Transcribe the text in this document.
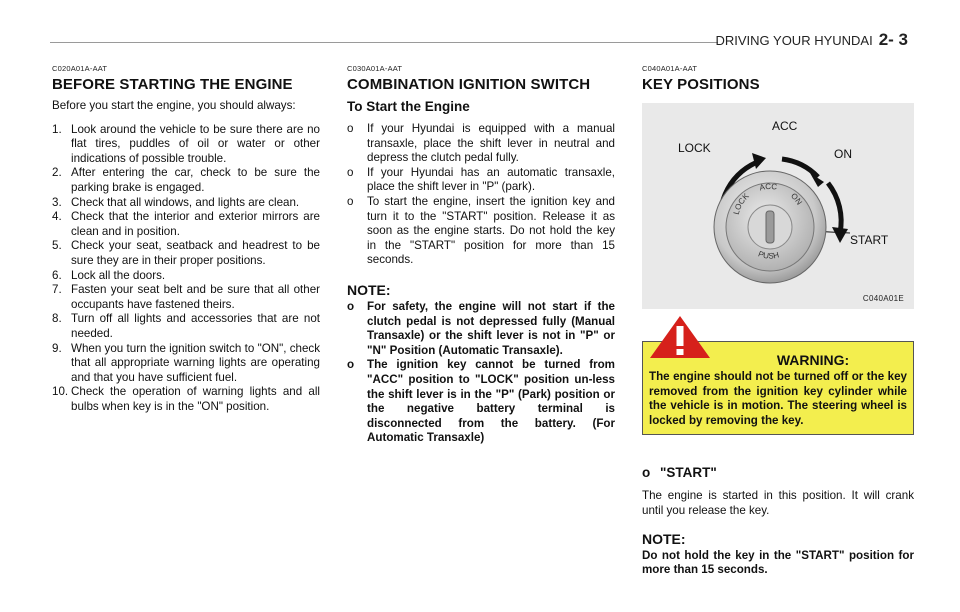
DRIVING YOUR HYUNDAI 2- 3
C020A01A-AAT
BEFORE STARTING THE ENGINE

Before you start the engine, you should always:

1. Look around the vehicle to be sure there are no flat tires, puddles of oil or water or other indications of possible trouble.
2. After entering the car, check to be sure the parking brake is engaged.
3. Check that all windows, and lights are clean.
4. Check that the interior and exterior mirrors are clean and in position.
5. Check your seat, seatback and headrest to be sure they are in their proper positions.
6. Lock all the doors.
7. Fasten your seat belt and be sure that all other occupants have fastened theirs.
8. Turn off all lights and accessories that are not needed.
9. When you turn the ignition switch to "ON", check that all appropriate warning lights are operating and that you have sufficient fuel.
10. Check the operation of warning lights and all bulbs when key is in the "ON" position.
C030A01A-AAT
COMBINATION IGNITION SWITCH
To Start the Engine
o If your Hyundai is equipped with a manual transaxle, place the shift lever in neutral and depress the clutch pedal fully.
o If your Hyundai has an automatic transaxle, place the shift lever in "P" (park).
o To start the engine, insert the ignition key and turn it to the "START" position. Release it as soon as the engine starts. Do not hold the key in the "START" position for more than 15 seconds.
NOTE:
o For safety, the engine will not start if the clutch pedal is not depressed fully (Manual Transaxle) or the shift lever is not in "P" or "N" Position (Automatic Transaxle).
o The ignition key cannot be turned from "ACC" position to "LOCK" position un-less the shift lever is in the "P" (Park) position or the negative battery terminal is disconnected from the battery. (For Automatic Transaxle)
C040A01A-AAT
KEY POSITIONS
LOCK
ACC
ON
PUSH
LOCK
ACC
ON
START
C040A01E
WARNING:
The engine should not be turned off or the key removed from the ignition key cylinder while the vehicle is in motion. The steering wheel is locked by removing the key.
o "START"

The engine is started in this position. It will crank until you release the key.

NOTE:
Do not hold the key in the "START" position for more than 15 seconds.
